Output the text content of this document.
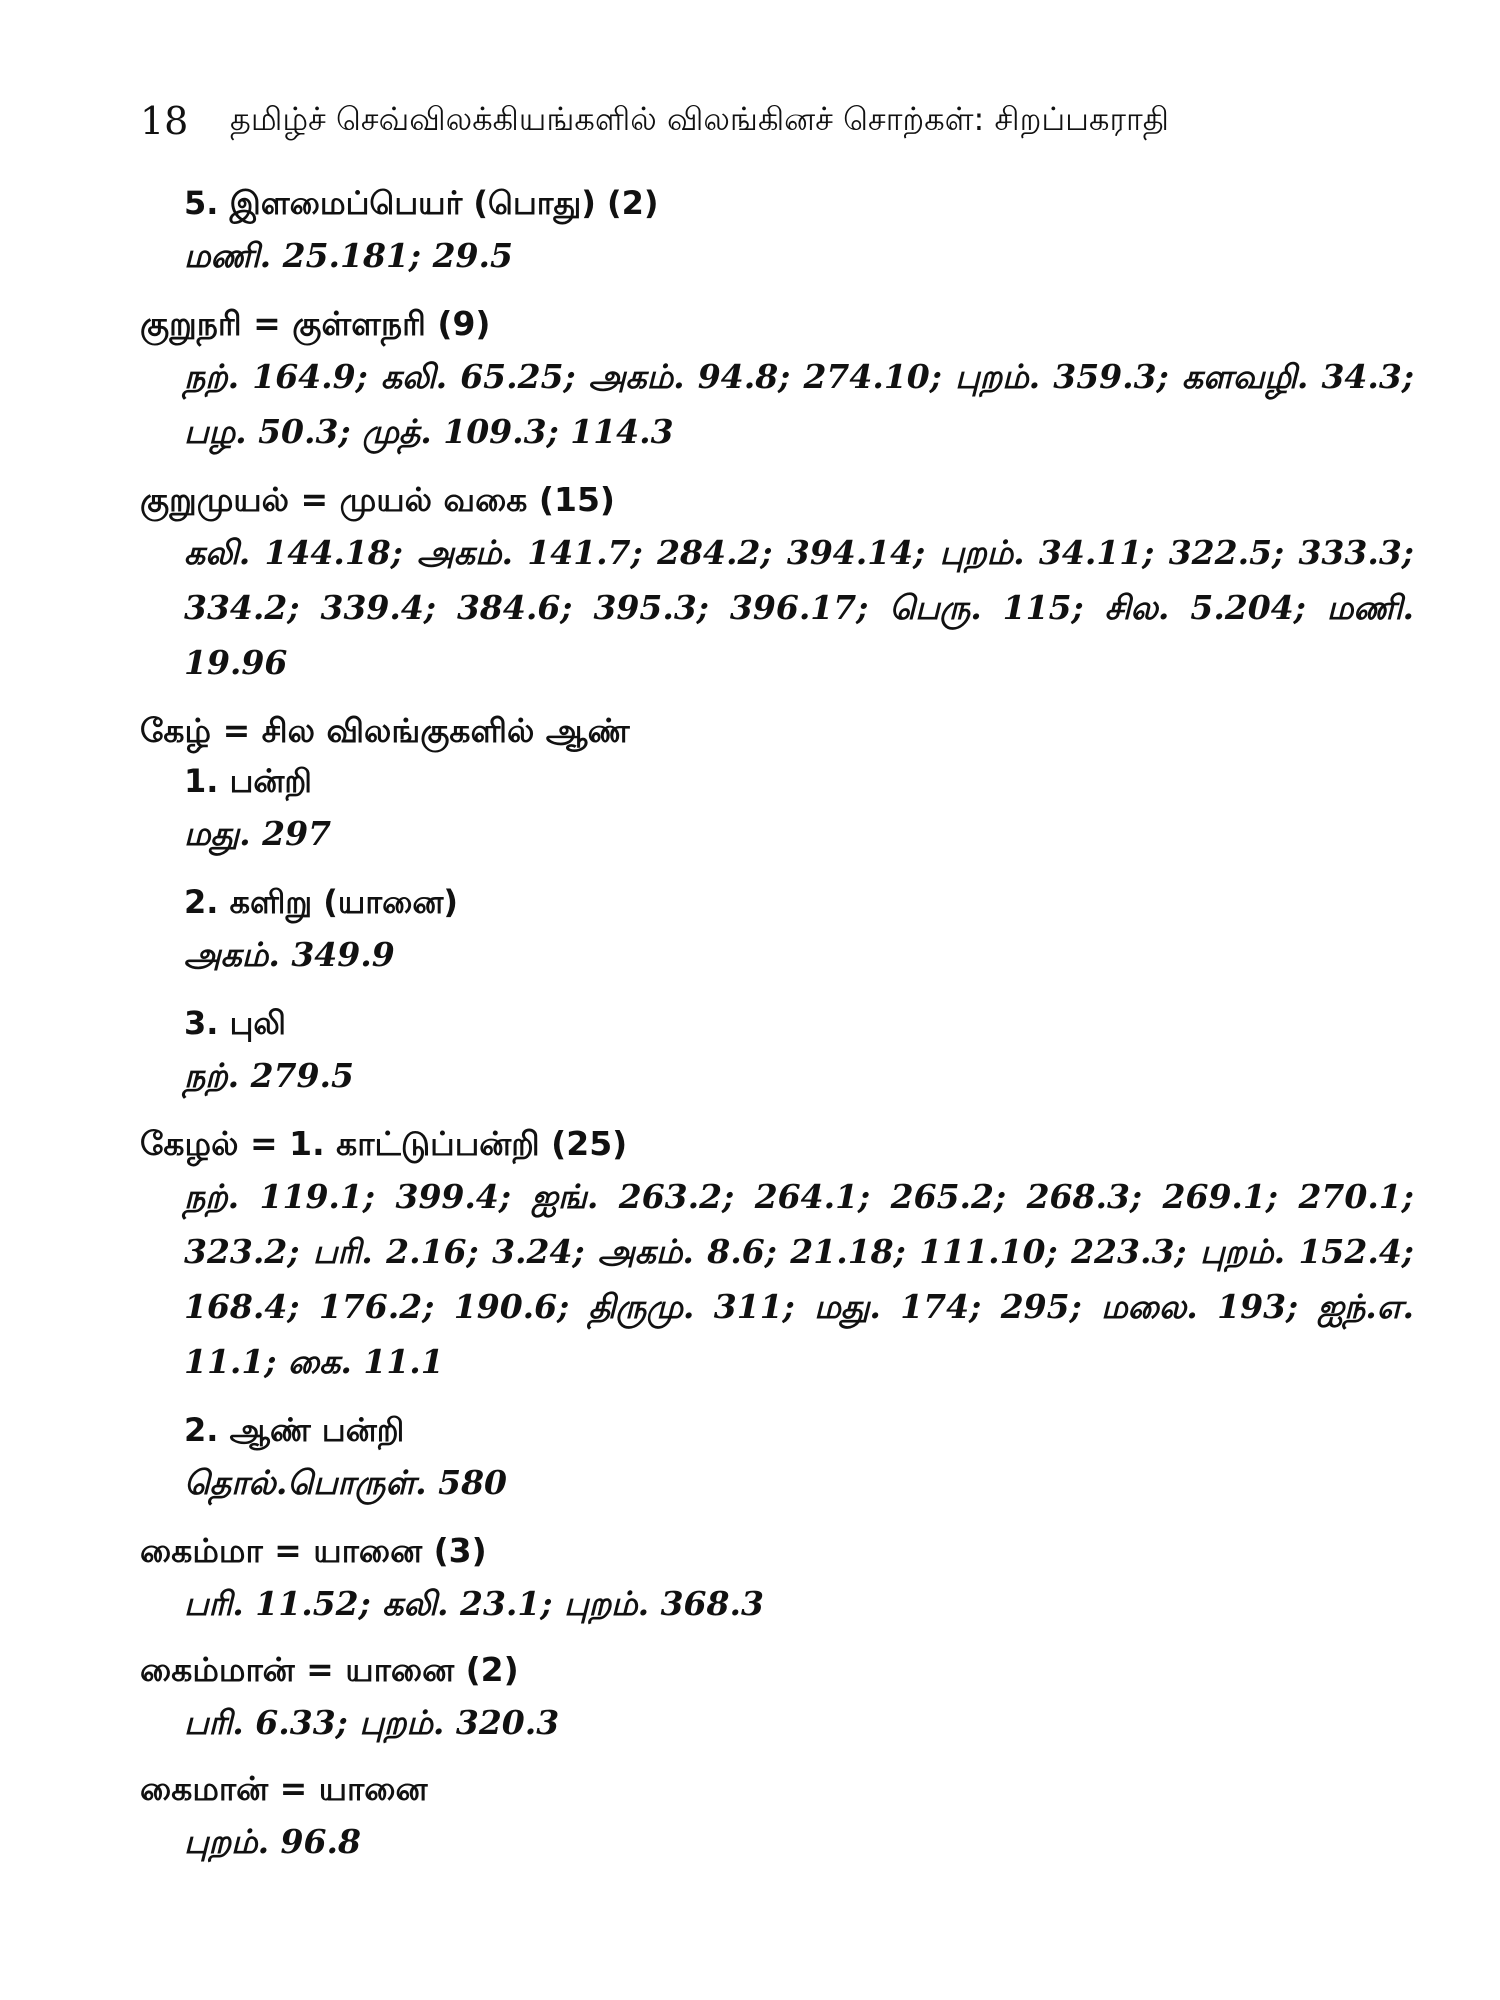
18	தமிழ்ச் செவ்விலக்கியங்களில் விலங்கினச் சொற்கள்: சிறப்பகராதி
5. இளமைப்பெயர் (பொது) (2)
மணி. 25.181; 29.5
குறுநரி = குள்ளநரி (9)
நற். 164.9; கலி. 65.25; அகம். 94.8; 274.10; புறம். 359.3; களவழி. 34.3; பழ. 50.3; முத். 109.3; 114.3
குறுமுயல் = முயல் வகை (15)
கலி. 144.18; அகம். 141.7; 284.2; 394.14; புறம். 34.11; 322.5; 333.3; 334.2; 339.4; 384.6; 395.3; 396.17; பெரு. 115; சில. 5.204; மணி. 19.96
கேழ் = சில விலங்குகளில் ஆண்
1. பன்றி
மது. 297
2. களிறு (யானை)
அகம். 349.9
3. புலி
நற். 279.5
கேழல் = 1. காட்டுப்பன்றி (25)
நற். 119.1; 399.4; ஐங். 263.2; 264.1; 265.2; 268.3; 269.1; 270.1; 323.2; பரி. 2.16; 3.24; அகம். 8.6; 21.18; 111.10; 223.3; புறம். 152.4; 168.4; 176.2; 190.6; திருமு. 311; மது. 174; 295; மலை. 193; ஐந்.எ. 11.1; கை. 11.1
2. ஆண் பன்றி
தொல்.பொருள். 580
கைம்மா = யானை (3)
பரி. 11.52; கலி. 23.1; புறம். 368.3
கைம்மான் = யானை (2)
பரி. 6.33; புறம். 320.3
கைமான் = யானை
புறம். 96.8
